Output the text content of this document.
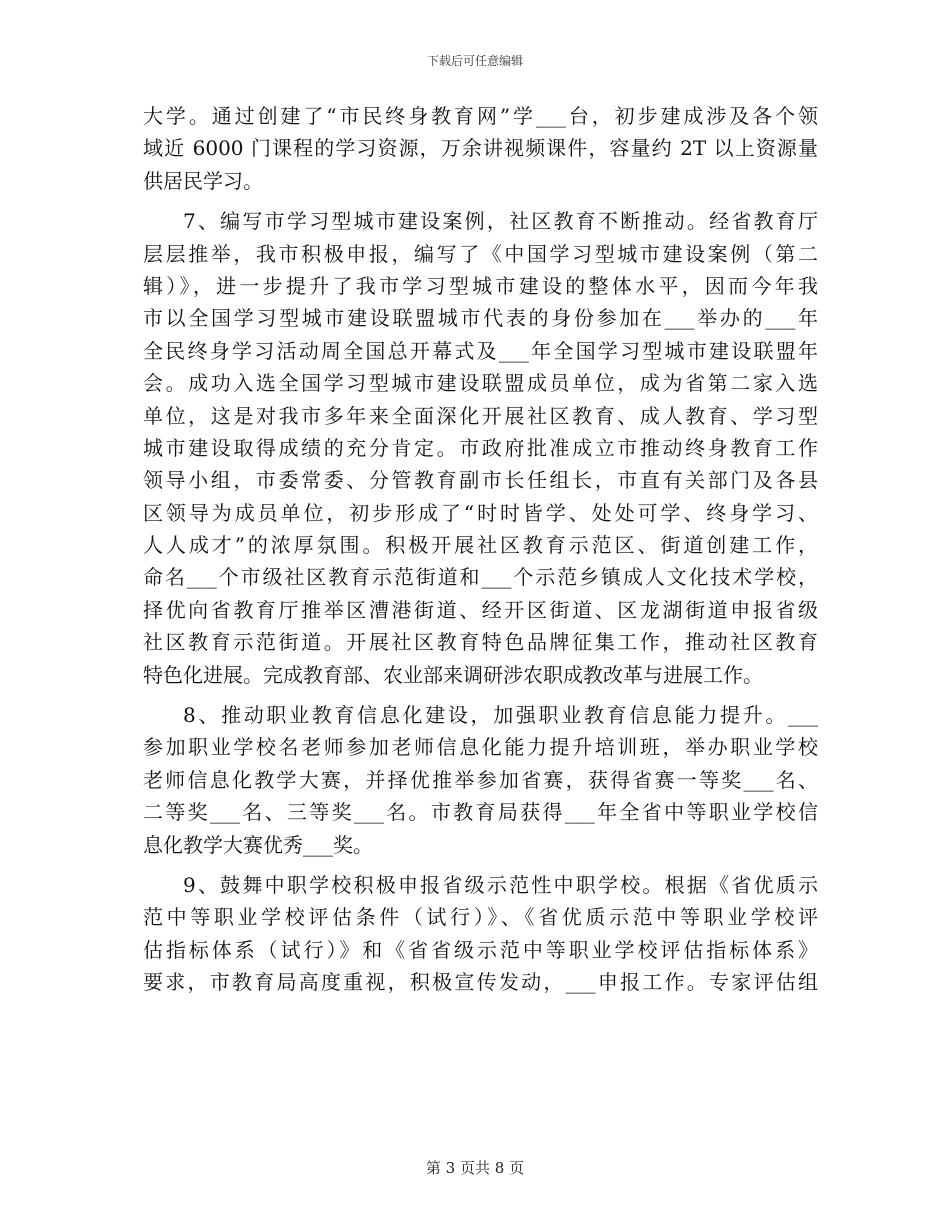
下载后可任意编辑
大学。通过创建了“市民终身教育网”学___台，初步建成涉及各个领
域近 6000 门课程的学习资源，万余讲视频课件，容量约 2T 以上资源量
供居民学习。
7、编写市学习型城市建设案例，社区教育不断推动。经省教育厅
层层推举，我市积极申报，编写了《中国学习型城市建设案例（第二
辑）》，进一步提升了我市学习型城市建设的整体水平，因而今年我
市以全国学习型城市建设联盟城市代表的身份参加在___举办的___年
全民终身学习活动周全国总开幕式及___年全国学习型城市建设联盟年
会。成功入选全国学习型城市建设联盟成员单位，成为省第二家入选
单位，这是对我市多年来全面深化开展社区教育、成人教育、学习型
城市建设取得成绩的充分肯定。市政府批准成立市推动终身教育工作
领导小组，市委常委、分管教育副市长任组长，市直有关部门及各县
区领导为成员单位，初步形成了“时时皆学、处处可学、终身学习、
人人成才”的浓厚氛围。积极开展社区教育示范区、街道创建工作，
命名___个市级社区教育示范街道和___个示范乡镇成人文化技术学校，
择优向省教育厅推举区漕港街道、经开区街道、区龙湖街道申报省级
社区教育示范街道。开展社区教育特色品牌征集工作，推动社区教育
特色化进展。完成教育部、农业部来调研涉农职成教改革与进展工作。
8、推动职业教育信息化建设，加强职业教育信息能力提升。___
参加职业学校名老师参加老师信息化能力提升培训班，举办职业学校
老师信息化教学大赛，并择优推举参加省赛，获得省赛一等奖___名、
二等奖___名、三等奖___名。市教育局获得___年全省中等职业学校信
息化教学大赛优秀___奖。
9、鼓舞中职学校积极申报省级示范性中职学校。根据《省优质示
范中等职业学校评估条件（试行）》、《省优质示范中等职业学校评
估指标体系（试行）》和《省省级示范中等职业学校评估指标体系》
要求，市教育局高度重视，积极宣传发动，___申报工作。专家评估组
第 3 页共 8 页
